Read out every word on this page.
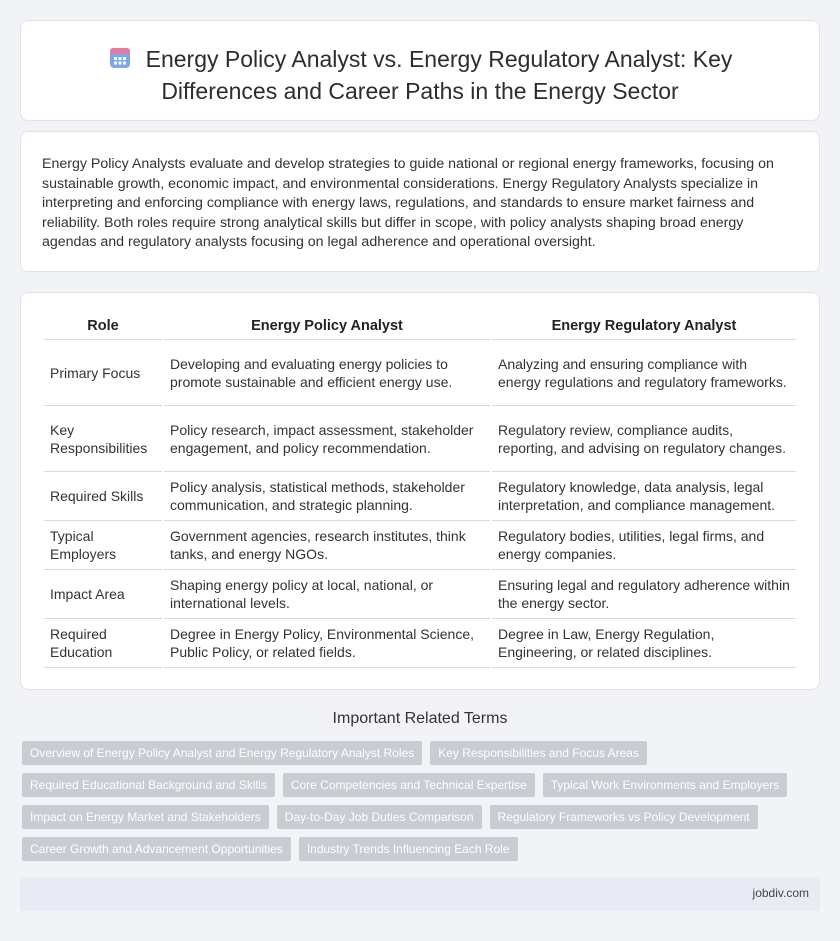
Energy Policy Analyst vs. Energy Regulatory Analyst: Key Differences and Career Paths in the Energy Sector

Energy Policy Analysts evaluate and develop strategies to guide national or regional energy frameworks, focusing on sustainable growth, economic impact, and environmental considerations. Energy Regulatory Analysts specialize in interpreting and enforcing compliance with energy laws, regulations, and standards to ensure market fairness and reliability. Both roles require strong analytical skills but differ in scope, with policy analysts shaping broad energy agendas and regulatory analysts focusing on legal adherence and operational oversight.

Role	Energy Policy Analyst	Energy Regulatory Analyst
Primary Focus	Developing and evaluating energy policies to promote sustainable and efficient energy use.	Analyzing and ensuring compliance with energy regulations and regulatory frameworks.
Key Responsibilities	Policy research, impact assessment, stakeholder engagement, and policy recommendation.	Regulatory review, compliance audits, reporting, and advising on regulatory changes.
Required Skills	Policy analysis, statistical methods, stakeholder communication, and strategic planning.	Regulatory knowledge, data analysis, legal interpretation, and compliance management.
Typical Employers	Government agencies, research institutes, think tanks, and energy NGOs.	Regulatory bodies, utilities, legal firms, and energy companies.
Impact Area	Shaping energy policy at local, national, or international levels.	Ensuring legal and regulatory adherence within the energy sector.
Required Education	Degree in Energy Policy, Environmental Science, Public Policy, or related fields.	Degree in Law, Energy Regulation, Engineering, or related disciplines.
Important Related Terms
Overview of Energy Policy Analyst and Energy Regulatory Analyst Roles	Key Responsibilities and Focus Areas
Required Educational Background and Skills	Core Competencies and Technical Expertise	Typical Work Environments and Employers
Impact on Energy Market and Stakeholders	Day-to-Day Job Duties Comparison	Regulatory Frameworks vs Policy Development
Career Growth and Advancement Opportunities	Industry Trends Influencing Each Role
jobdiv.com
